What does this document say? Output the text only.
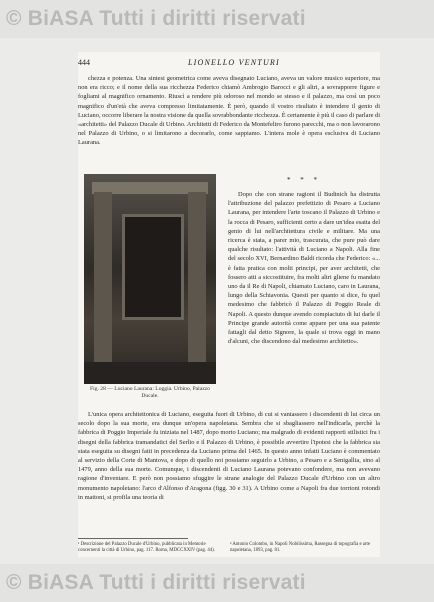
© BiASA Tutti i diritti riservati
444	LIONELLO VENTURI

chezza e potenza. Una sintesi geometrica come aveva disegnato Luciano, aveva un valore musico superiore, ma non era ricco; e il nome della sua ricchezza Federico chiamò Ambrogio Barocci e gli altri, a sovrapporre figure e fogliami al magnifico ornamento. Riuscì a rendere più odoroso nel mondo se stesso e il palazzo, ma così un poco magnifico d'un'età che aveva compresso limitatamente. È però, quando il vostro risultato è intendere il genio di Luciano, occorre liberare la nostra visione da quella sovrabbondante ricchezza. È certamente è più il caso di parlare di «architetti» del Palazzo Ducale di Urbino. Architetti di Federico da Montefeltro furono parecchi, ma o non lavorarono nel Palazzo di Urbino, o si limitarono a decorarlo, come sappiamo. L'intera mole è opera esclusiva di Luciano Laurana.

Fig. 28 — Luciano Laurana: Loggia. Urbino, Palazzo Ducale.
* * *

Dopo che con strane ragioni il Budinich ha distrutta l'attribuzione del palazzo prefettizio di Pesaro a Luciano Laurana, per intendere l'arte toscano il Palazzo di Urbino e la rocca di Pesaro, sufficienti certo a dare un'idea esatta del genio di lui nell'architettura civile e militare. Ma una ricerca è stata, a parer mio, trascurata, che pure può dare qualche risultato: l'attività di Luciano a Napoli. Alla fine del secolo XVI, Bernardino Baldi ricorda che Federico: «... è fatta pratica con molti principi, per aver architetti, che fossero atti a siccostituire, fra molti altri gliene fu mandato uno da il Re di Napoli, chiamato Luciano, caro in Laurana, lungo della Schiavonia. Questi per quanto si dice, fu quel medesimo che fabbricò il Palazzo di Poggio Reale di Napoli. A questo dunque avendo compiaciuto di lui darle il Principe grande autorità come appare per una sua patente fattagli dal detto Signore, la quale si trova oggi in mano d'alcuni, che discendono dal medesimo architetto».

L'unica opera architettonica di Luciano, eseguita fuori di Urbino, di cui si vantassero i discendenti di lui circa un secolo dopo la sua morte, era dunque un'opera napoletana. Sembra che si sbagliassero nell'indicarla, perchè la fabbrica di Poggio Imperiale fu iniziata nel 1487, dopo morto Luciano; ma malgrado di evidenti rapporti stilistici fra i disegni della fabbrica tramandatici del Serlio e il Palazzo di Urbino, è possibile avvertire l'ipotesi che la fabbrica sia stata eseguita su disegni fatti in precedenza da Luciano prima del 1465. In questo anno infatti Luciano è commentato al servizio della Corte di Mantova, e dopo di quello noi possiamo seguirlo a Urbino, a Pesaro e a Senigallia, sino al 1479, anno della sua morte. Comunque, i discendenti di Luciano Laurana potevano confondere, ma non avevano ragione d'inventare. E però non possiamo sfuggire le strane analogie del Palazzo Ducale d'Urbino con un altro monumento napoletano: l'arco d'Alfonso d'Aragona (figg. 30 e 31). A Urbino come a Napoli fra due torrioni rotondi in mattoni, si profila una teoria di

¹ Descrizione del Palazzo Ducale d'Urbino, pubblicata in Memorie concernenti la città di Urbino, pag. 117. Roma, MDCCXXIV (pag. 44).
² Antonio Colombo, in Napoli Nobilissima, Rassegna di topografia e arte napoletana, 1893, pag. 81.
© BiASA Tutti i diritti riservati
